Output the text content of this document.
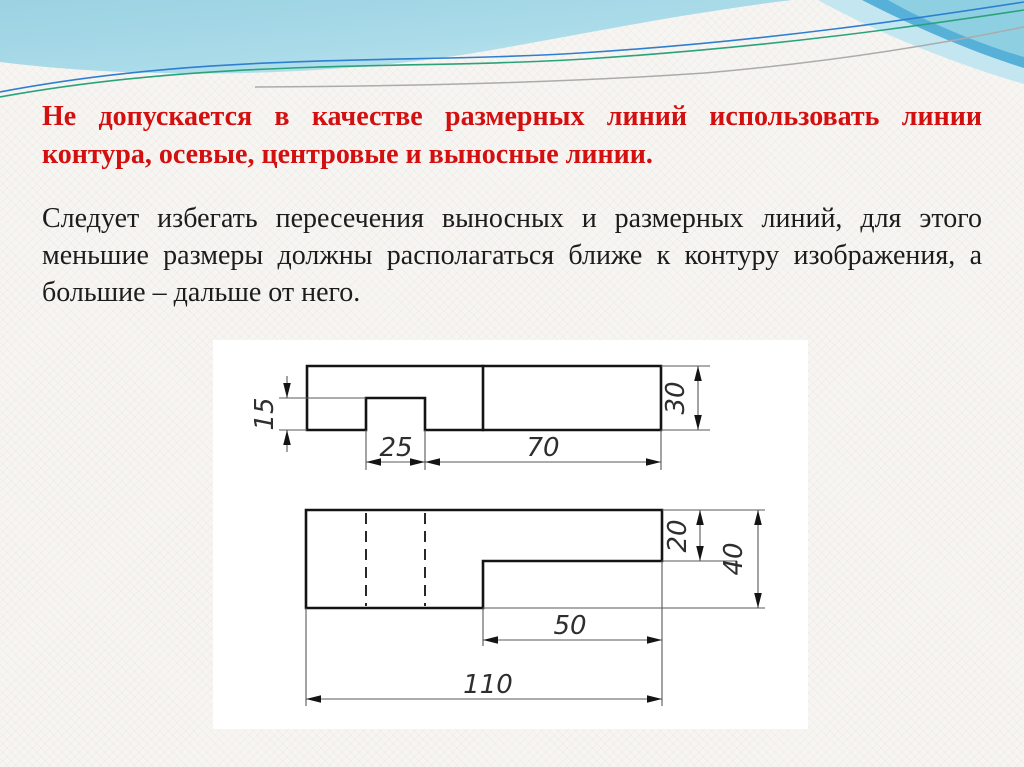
Не допускается в качестве размерных линий использовать линии
контура, осевые, центровые и выносные линии.
Следует избегать пересечения выносных и размерных линий, для этого
меньшие размеры должны располагаться ближе к контуру изображения, а
большие – дальше от него.
15
25	70
30
20
40
50
110
